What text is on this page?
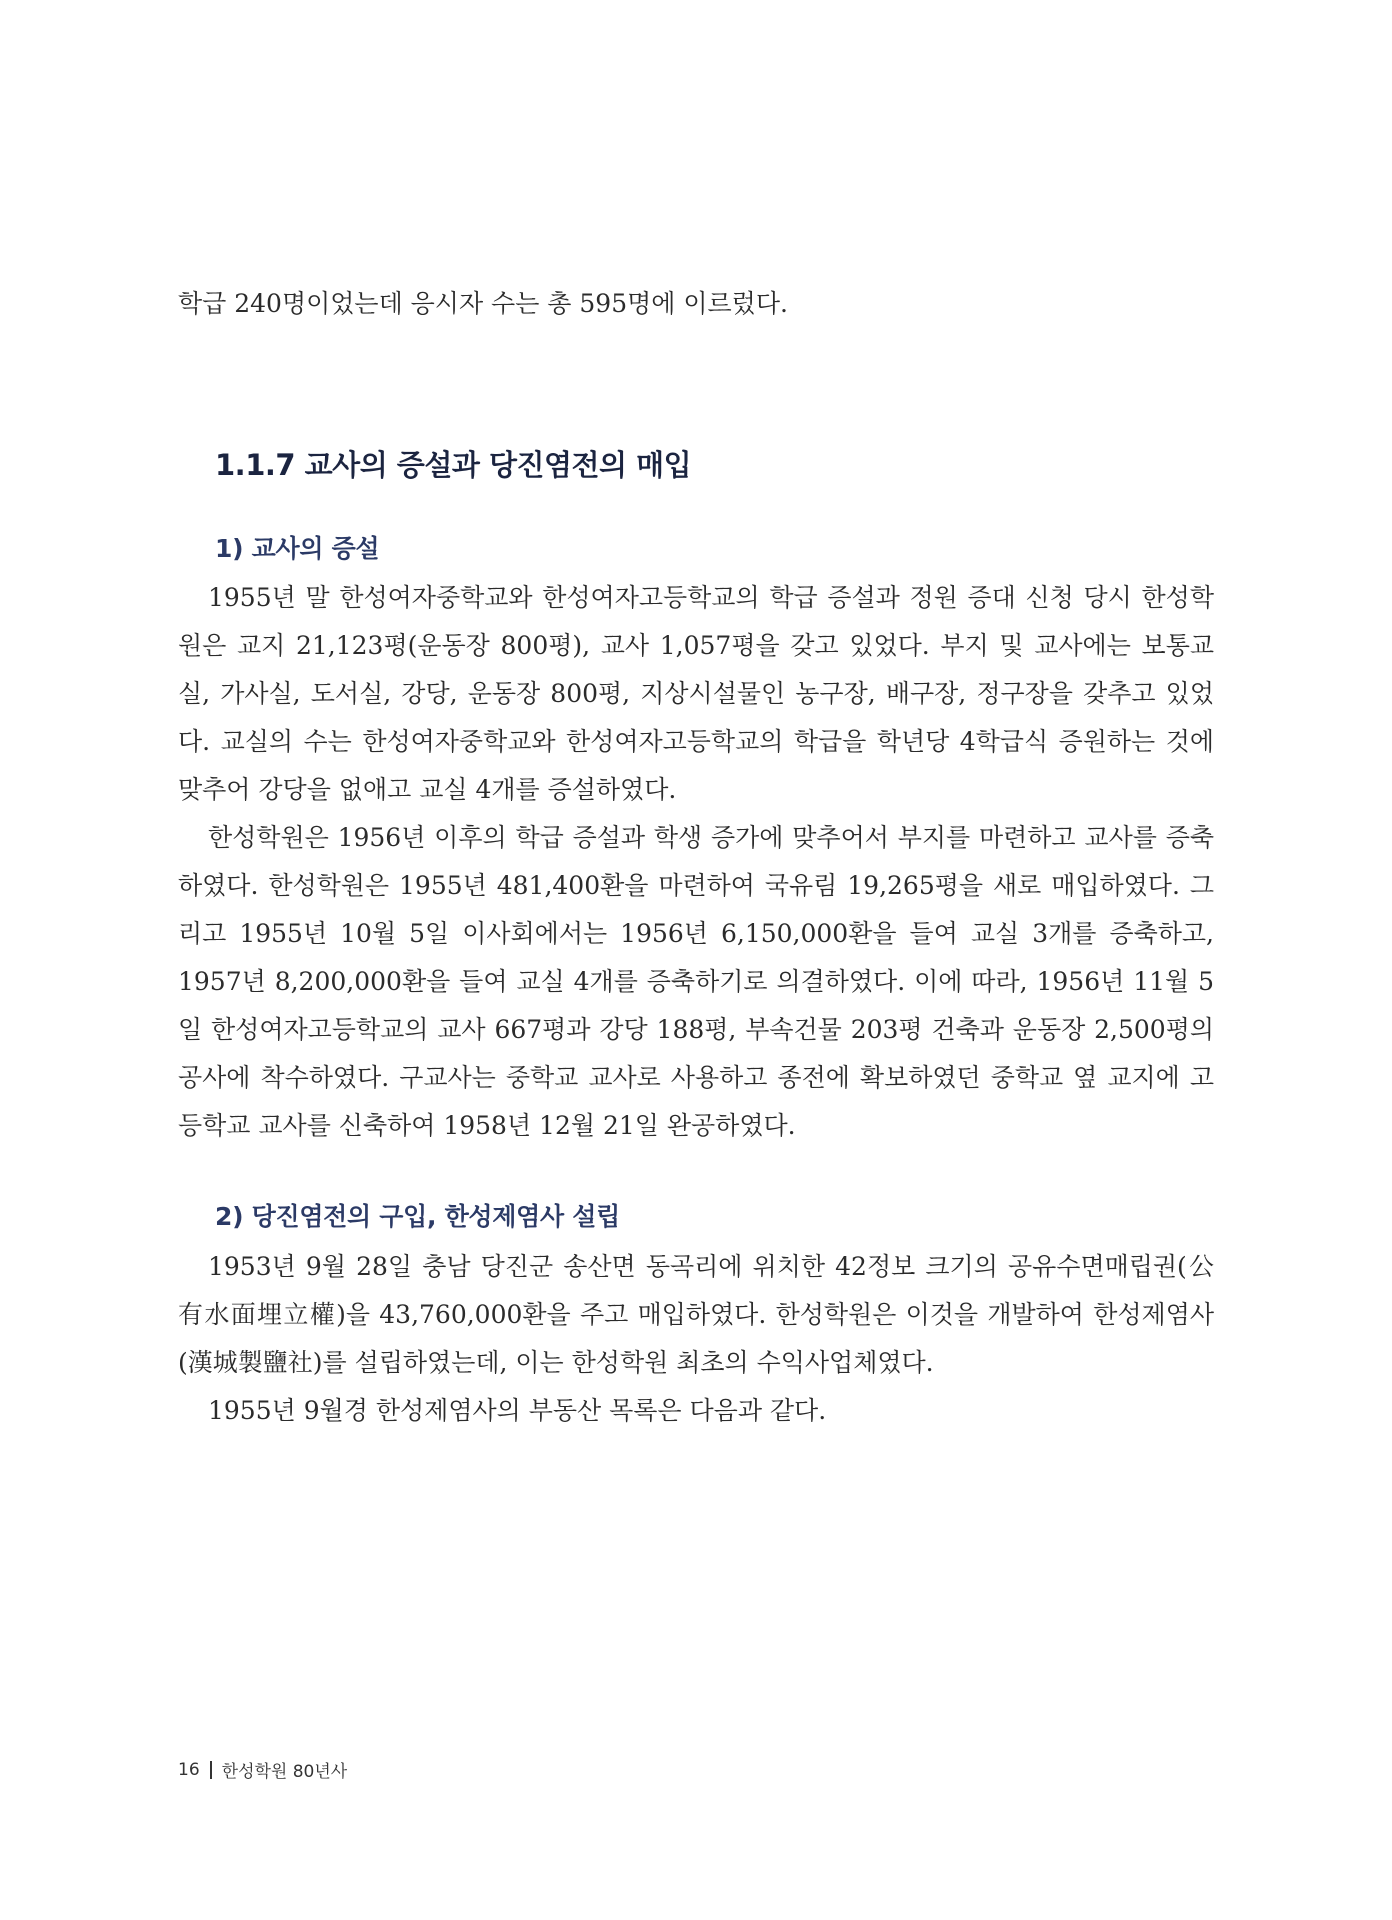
학급 240명이었는데 응시자 수는 총 595명에 이르렀다.

1.1.7 교사의 증설과 당진염전의 매입
1) 교사의 증설

1955년 말 한성여자중학교와 한성여자고등학교의 학급 증설과 정원 증대 신청 당시 한성학원은 교지 21,123평(운동장 800평), 교사 1,057평을 갖고 있었다. 부지 및 교사에는 보통교실, 가사실, 도서실, 강당, 운동장 800평, 지상시설물인 농구장, 배구장, 정구장을 갖추고 있었다. 교실의 수는 한성여자중학교와 한성여자고등학교의 학급을 학년당 4학급식 증원하는 것에 맞추어 강당을 없애고 교실 4개를 증설하였다.

한성학원은 1956년 이후의 학급 증설과 학생 증가에 맞추어서 부지를 마련하고 교사를 증축하였다. 한성학원은 1955년 481,400환을 마련하여 국유림 19,265평을 새로 매입하였다. 그리고 1955년 10월 5일 이사회에서는 1956년 6,150,000환을 들여 교실 3개를 증축하고, 1957년 8,200,000환을 들여 교실 4개를 증축하기로 의결하였다. 이에 따라, 1956년 11월 5일 한성여자고등학교의 교사 667평과 강당 188평, 부속건물 203평 건축과 운동장 2,500평의 공사에 착수하였다. 구교사는 중학교 교사로 사용하고 종전에 확보하였던 중학교 옆 교지에 고등학교 교사를 신축하여 1958년 12월 21일 완공하였다.

2) 당진염전의 구입, 한성제염사 설립

1953년 9월 28일 충남 당진군 송산면 동곡리에 위치한 42정보 크기의 공유수면매립권(公有水面埋立權)을 43,760,000환을 주고 매입하였다. 한성학원은 이것을 개발하여 한성제염사(漢城製鹽社)를 설립하였는데, 이는 한성학원 최초의 수익사업체였다.

1955년 9월경 한성제염사의 부동산 목록은 다음과 같다.

16 한성학원 80년사
